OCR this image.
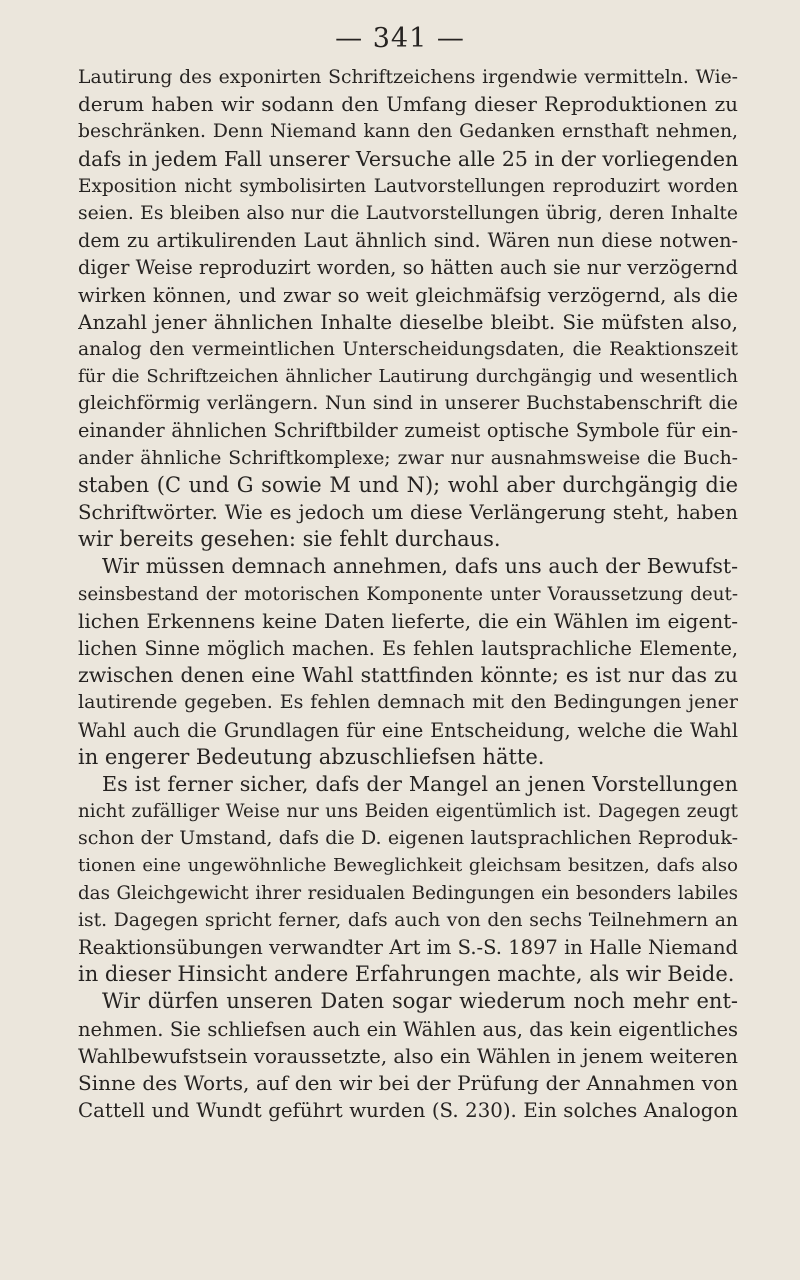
— 341 —

Lautirung des exponirten Schriftzeichens irgendwie vermitteln. Wie-
derum haben wir sodann den Umfang dieser Reproduktionen zu
beschränken. Denn Niemand kann den Gedanken ernsthaft nehmen,
dafs in jedem Fall unserer Versuche alle 25 in der vorliegenden
Exposition nicht symbolisirten Lautvorstellungen reproduzirt worden
seien. Es bleiben also nur die Lautvorstellungen übrig, deren Inhalte
dem zu artikulirenden Laut ähnlich sind. Wären nun diese notwen-
diger Weise reproduzirt worden, so hätten auch sie nur verzögernd
wirken können, und zwar so weit gleichmäfsig verzögernd, als die
Anzahl jener ähnlichen Inhalte dieselbe bleibt. Sie müfsten also,
analog den vermeintlichen Unterscheidungsdaten, die Reaktionszeit
für die Schriftzeichen ähnlicher Lautirung durchgängig und wesentlich
gleichförmig verlängern. Nun sind in unserer Buchstabenschrift die
einander ähnlichen Schriftbilder zumeist optische Symbole für ein-
ander ähnliche Schriftkomplexe; zwar nur ausnahmsweise die Buch-
staben (C und G sowie M und N); wohl aber durchgängig die
Schriftwörter. Wie es jedoch um diese Verlängerung steht, haben
wir bereits gesehen: sie fehlt durchaus.

Wir müssen demnach annehmen, dafs uns auch der Bewufst-
seinsbestand der motorischen Komponente unter Voraussetzung deut-
lichen Erkennens keine Daten lieferte, die ein Wählen im eigent-
lichen Sinne möglich machen. Es fehlen lautsprachliche Elemente,
zwischen denen eine Wahl stattfinden könnte; es ist nur das zu
lautirende gegeben. Es fehlen demnach mit den Bedingungen jener
Wahl auch die Grundlagen für eine Entscheidung, welche die Wahl
in engerer Bedeutung abzuschliefsen hätte.

Es ist ferner sicher, dafs der Mangel an jenen Vorstellungen
nicht zufälliger Weise nur uns Beiden eigentümlich ist. Dagegen zeugt
schon der Umstand, dafs die D. eigenen lautsprachlichen Reproduk-
tionen eine ungewöhnliche Beweglichkeit gleichsam besitzen, dafs also
das Gleichgewicht ihrer residualen Bedingungen ein besonders labiles
ist. Dagegen spricht ferner, dafs auch von den sechs Teilnehmern an
Reaktionsübungen verwandter Art im S.-S. 1897 in Halle Niemand
in dieser Hinsicht andere Erfahrungen machte, als wir Beide.

Wir dürfen unseren Daten sogar wiederum noch mehr ent-
nehmen. Sie schliefsen auch ein Wählen aus, das kein eigentliches
Wahlbewufstsein voraussetzte, also ein Wählen in jenem weiteren
Sinne des Worts, auf den wir bei der Prüfung der Annahmen von
Cattell und Wundt geführt wurden (S. 230). Ein solches Analogon
